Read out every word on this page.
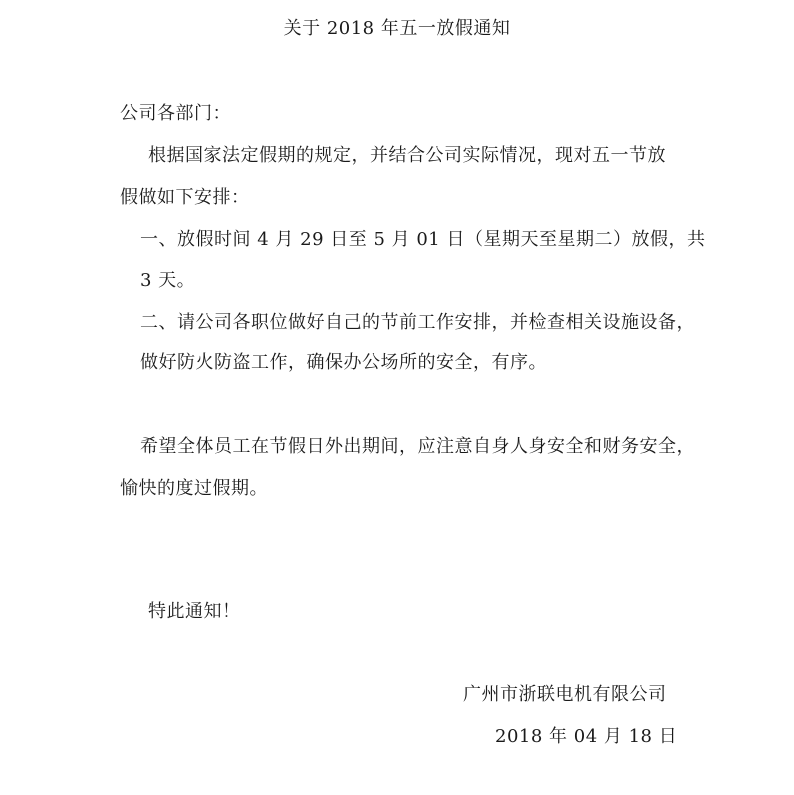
关于 2018 年五一放假通知
公司各部门：
根据国家法定假期的规定，并结合公司实际情况，现对五一节放
假做如下安排：
一、放假时间 4 月 29 日至 5 月 01 日（星期天至星期二）放假，共
3 天。
二、请公司各职位做好自己的节前工作安排，并检查相关设施设备，
做好防火防盗工作，确保办公场所的安全，有序。
希望全体员工在节假日外出期间，应注意自身人身安全和财务安全，
愉快的度过假期。
特此通知！
广州市浙联电机有限公司
2018 年 04 月 18 日
